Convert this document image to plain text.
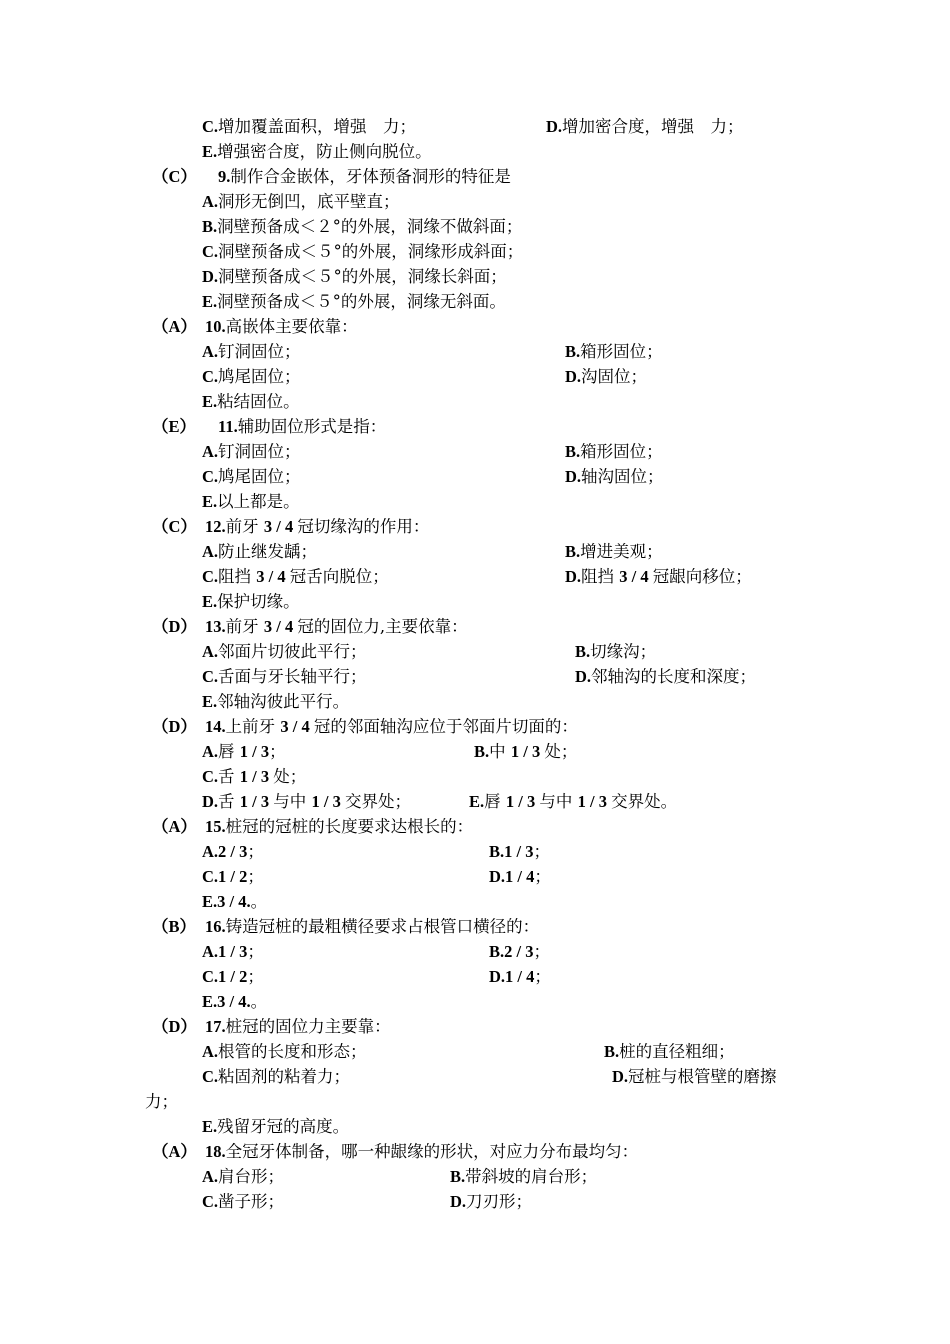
C.增加覆盖面积，增强　力；	D.增加密合度，增强　力；
E.增强密合度，防止侧向脱位。
（C） 9.制作合金嵌体，牙体预备洞形的特征是
A.洞形无倒凹，底平壁直；
B.洞壁预备成＜２°的外展，洞缘不做斜面；
C.洞壁预备成＜５°的外展，洞缘形成斜面；
D.洞壁预备成＜５°的外展，洞缘长斜面；
E.洞壁预备成＜５°的外展，洞缘无斜面。
（A） 10.高嵌体主要依靠：
A.钉洞固位；	B.箱形固位；
C.鸠尾固位；	D.沟固位；
E.粘结固位。
（E） 11.辅助固位形式是指：
A.钉洞固位；	B.箱形固位；
C.鸠尾固位；	D.轴沟固位；
E.以上都是。
（C） 12.前牙 3 / 4 冠切缘沟的作用：
A.防止继发龋；	B.增进美观；
C.阻挡 3 / 4 冠舌向脱位；	D.阻挡 3 / 4 冠龈向移位；
E.保护切缘。
（D） 13.前牙 3 / 4 冠的固位力,主要依靠：
A.邻面片切彼此平行；	B.切缘沟；
C.舌面与牙长轴平行；	D.邻轴沟的长度和深度；
E.邻轴沟彼此平行。
（D） 14.上前牙 3 / 4 冠的邻面轴沟应位于邻面片切面的：
A.唇 1 / 3；	B.中 1 / 3 处；
C.舌 1 / 3 处；
D.舌 1 / 3 与中 1 / 3 交界处；	E.唇 1 / 3 与中 1 / 3 交界处。
（A） 15.桩冠的冠桩的长度要求达根长的：
A.2 / 3；	B.1 / 3；
C.1 / 2；	D.1 / 4；
E.3 / 4.。
（B） 16.铸造冠桩的最粗横径要求占根管口横径的：
A.1 / 3；	B.2 / 3；
C.1 / 2；	D.1 / 4；
E.3 / 4.。
（D） 17.桩冠的固位力主要靠：
A.根管的长度和形态；	B.桩的直径粗细；
C.粘固剂的粘着力；	D.冠桩与根管壁的磨擦
力；
E.残留牙冠的高度。
（A） 18.全冠牙体制备，哪一种龈缘的形状，对应力分布最均匀：
A.肩台形；	B.带斜坡的肩台形；
C.凿子形；	D.刀刃形；
